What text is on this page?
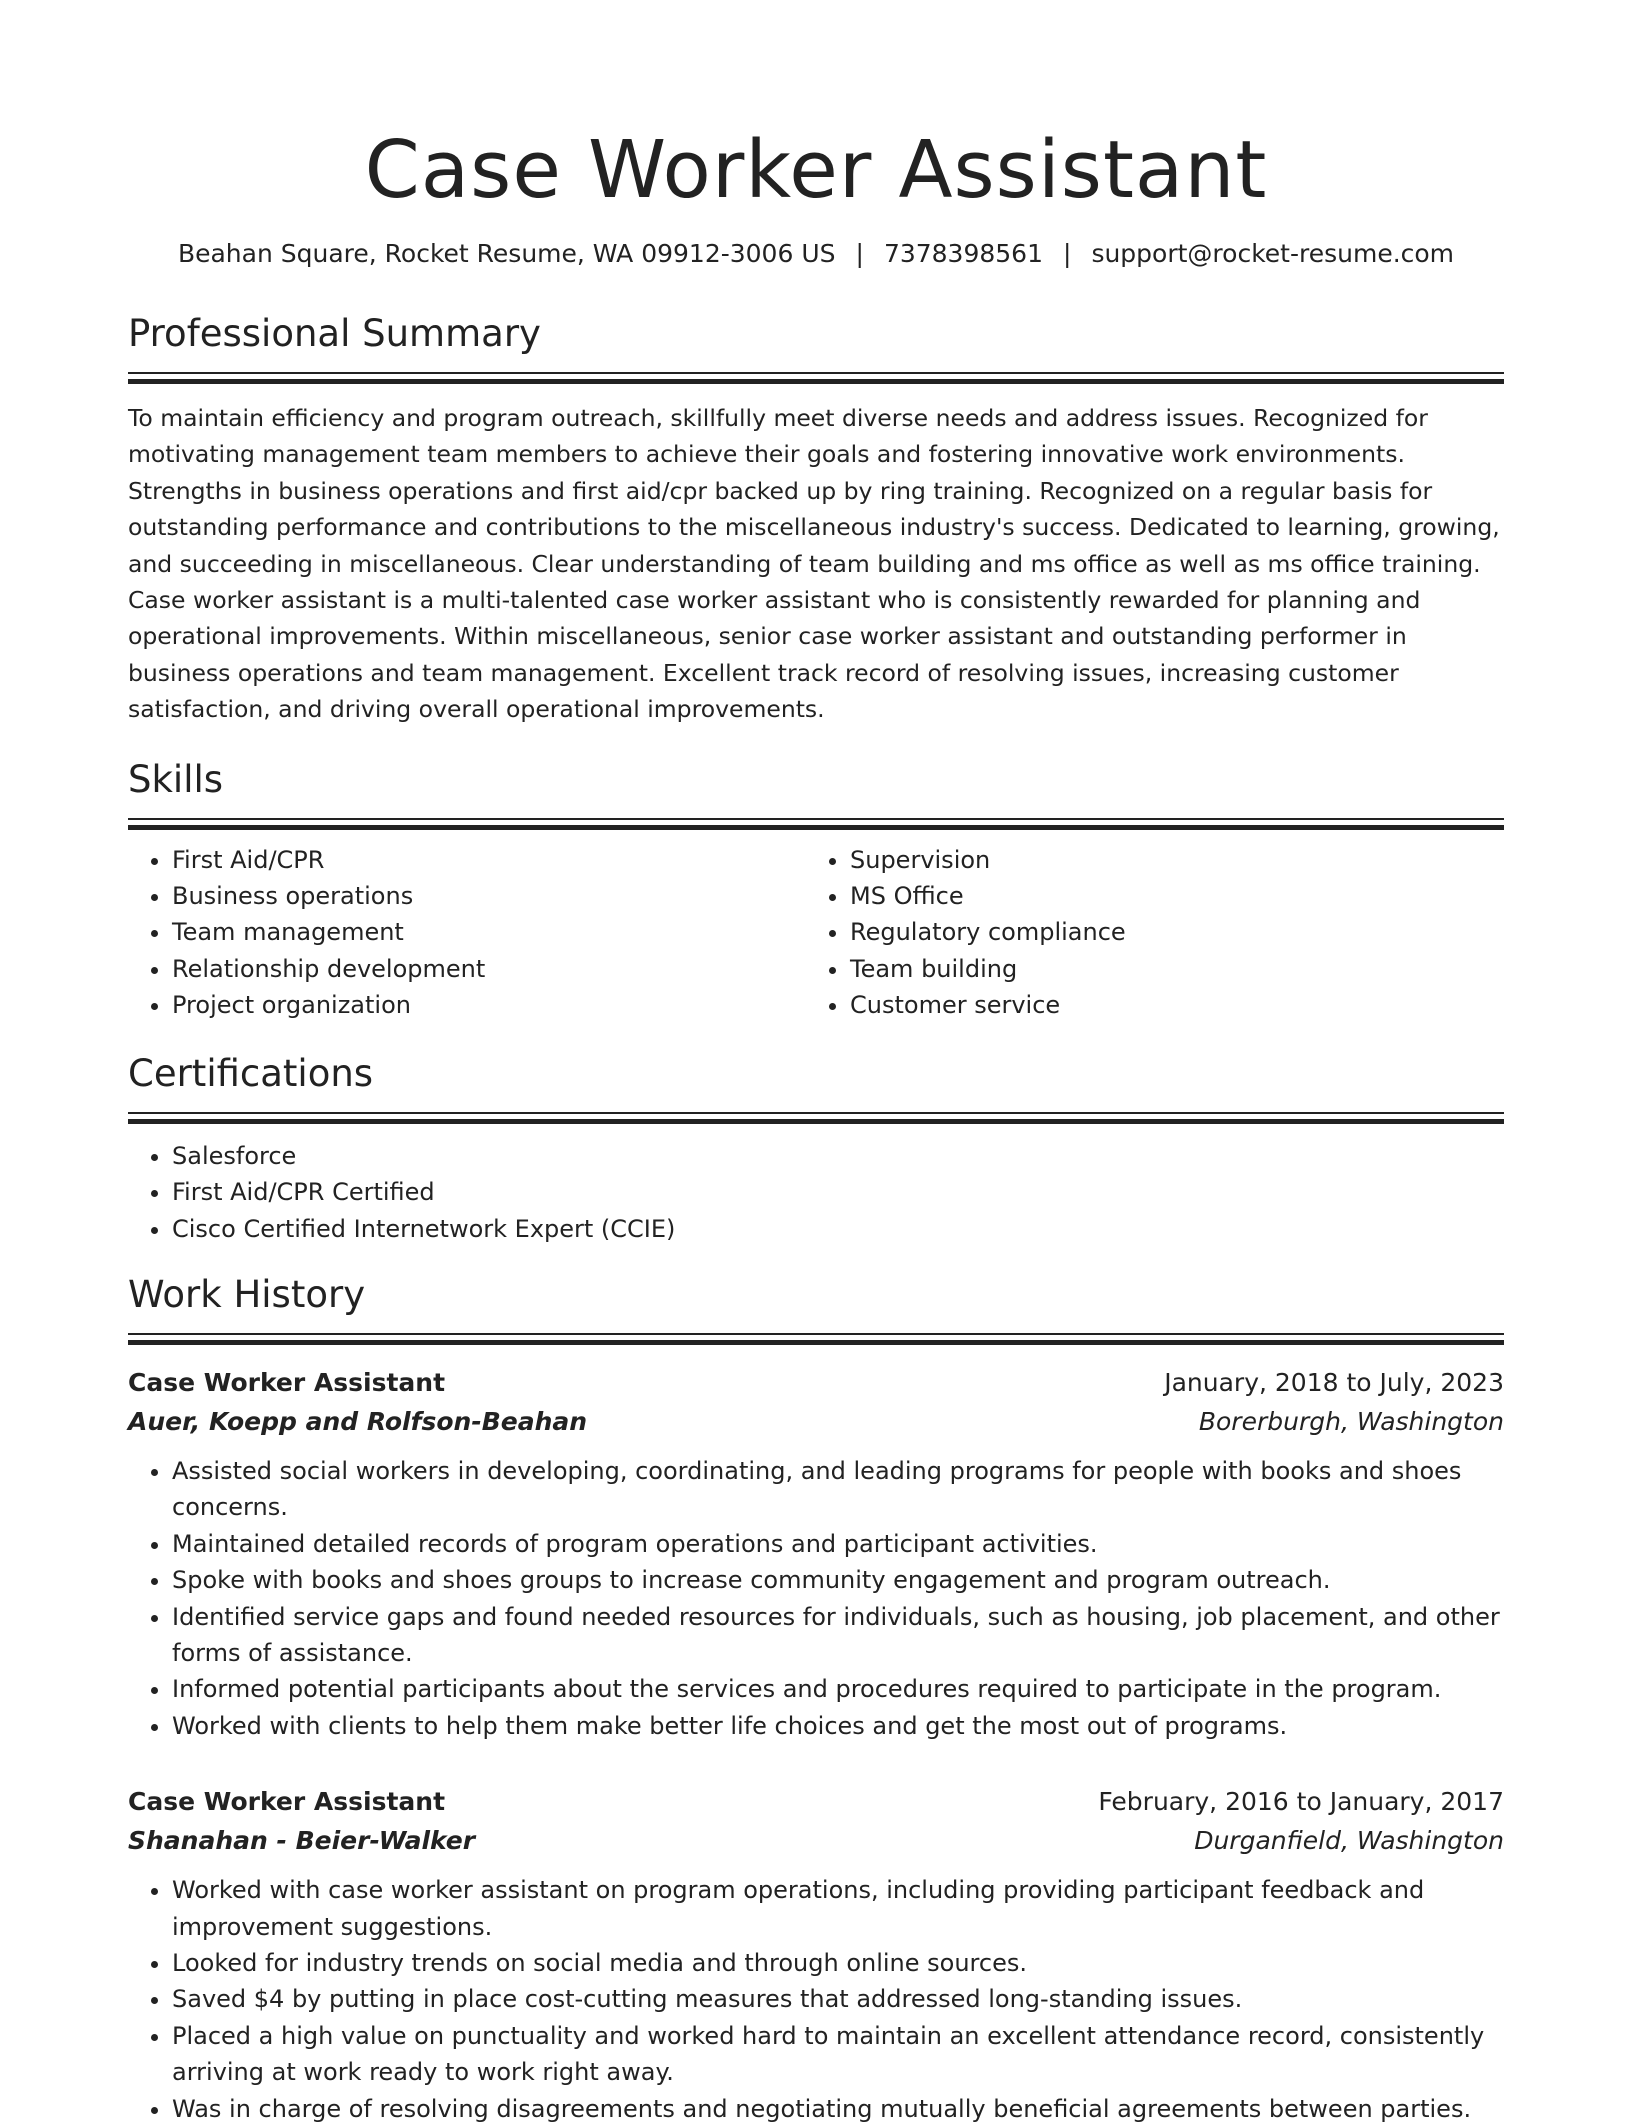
Case Worker Assistant
Beahan Square, Rocket Resume, WA 09912-3006 US | 7378398561 | support@rocket-resume.com
Professional Summary

To maintain efficiency and program outreach, skillfully meet diverse needs and address issues. Recognized for motivating management team members to achieve their goals and fostering innovative work environments. Strengths in business operations and first aid/cpr backed up by ring training. Recognized on a regular basis for outstanding performance and contributions to the miscellaneous industry's success. Dedicated to learning, growing, and succeeding in miscellaneous. Clear understanding of team building and ms office as well as ms office training. Case worker assistant is a multi-talented case worker assistant who is consistently rewarded for planning and operational improvements. Within miscellaneous, senior case worker assistant and outstanding performer in business operations and team management. Excellent track record of resolving issues, increasing customer satisfaction, and driving overall operational improvements.

Skills
• First Aid/CPR
• Business operations
• Team management
• Relationship development
• Project organization
• Supervision
• MS Office
• Regulatory compliance
• Team building
• Customer service
Certifications
• Salesforce
• First Aid/CPR Certified
• Cisco Certified Internetwork Expert (CCIE)
Work History
Case Worker Assistant	January, 2018 to July, 2023
Auer, Koepp and Rolfson-Beahan	Borerburgh, Washington
• Assisted social workers in developing, coordinating, and leading programs for people with books and shoes concerns.
• Maintained detailed records of program operations and participant activities.
• Spoke with books and shoes groups to increase community engagement and program outreach.
• Identified service gaps and found needed resources for individuals, such as housing, job placement, and other forms of assistance.
• Informed potential participants about the services and procedures required to participate in the program.
• Worked with clients to help them make better life choices and get the most out of programs.
Case Worker Assistant	February, 2016 to January, 2017
Shanahan - Beier-Walker	Durganfield, Washington
• Worked with case worker assistant on program operations, including providing participant feedback and improvement suggestions.
• Looked for industry trends on social media and through online sources.
• Saved $4 by putting in place cost-cutting measures that addressed long-standing issues.
• Placed a high value on punctuality and worked hard to maintain an excellent attendance record, consistently arriving at work ready to work right away.
• Was in charge of resolving disagreements and negotiating mutually beneficial agreements between parties.
